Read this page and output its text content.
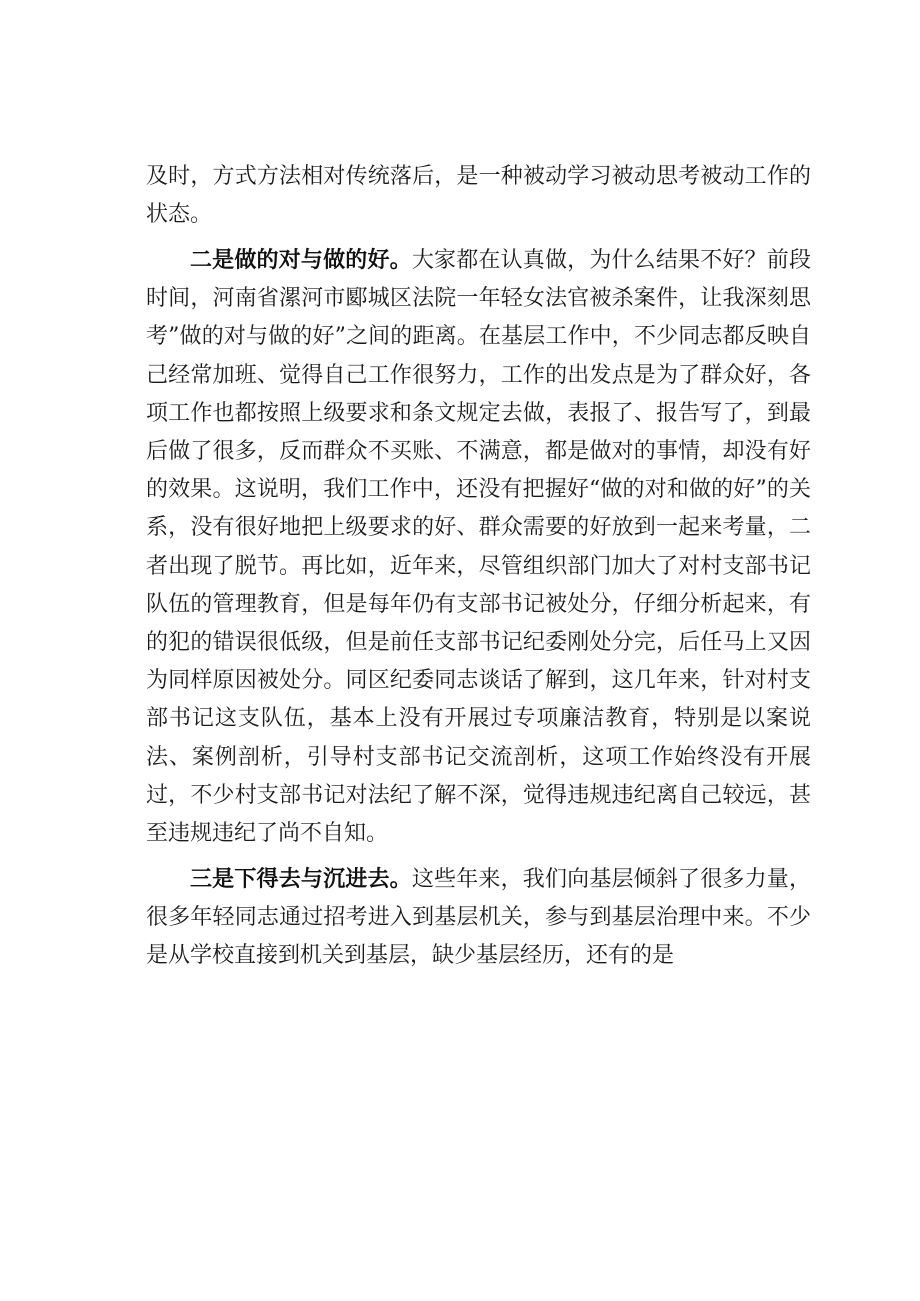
及时，方式方法相对传统落后，是一种被动学习被动思考被动工作的状态。

二是做的对与做的好。大家都在认真做，为什么结果不好？前段时间，河南省漯河市郾城区法院一年轻女法官被杀案件，让我深刻思考”做的对与做的好”之间的距离。在基层工作中，不少同志都反映自己经常加班、觉得自己工作很努力，工作的出发点是为了群众好，各项工作也都按照上级要求和条文规定去做，表报了、报告写了，到最后做了很多，反而群众不买账、不满意，都是做对的事情，却没有好的效果。这说明，我们工作中，还没有把握好“做的对和做的好”的关系，没有很好地把上级要求的好、群众需要的好放到一起来考量，二者出现了脱节。再比如，近年来，尽管组织部门加大了对村支部书记队伍的管理教育，但是每年仍有支部书记被处分，仔细分析起来，有的犯的错误很低级，但是前任支部书记纪委刚处分完，后任马上又因为同样原因被处分。同区纪委同志谈话了解到，这几年来，针对村支部书记这支队伍，基本上没有开展过专项廉洁教育，特别是以案说法、案例剖析，引导村支部书记交流剖析，这项工作始终没有开展过，不少村支部书记对法纪了解不深，觉得违规违纪离自己较远，甚至违规违纪了尚不自知。

三是下得去与沉进去。这些年来，我们向基层倾斜了很多力量，很多年轻同志通过招考进入到基层机关，参与到基层治理中来。不少是从学校直接到机关到基层，缺少基层经历，还有的是
